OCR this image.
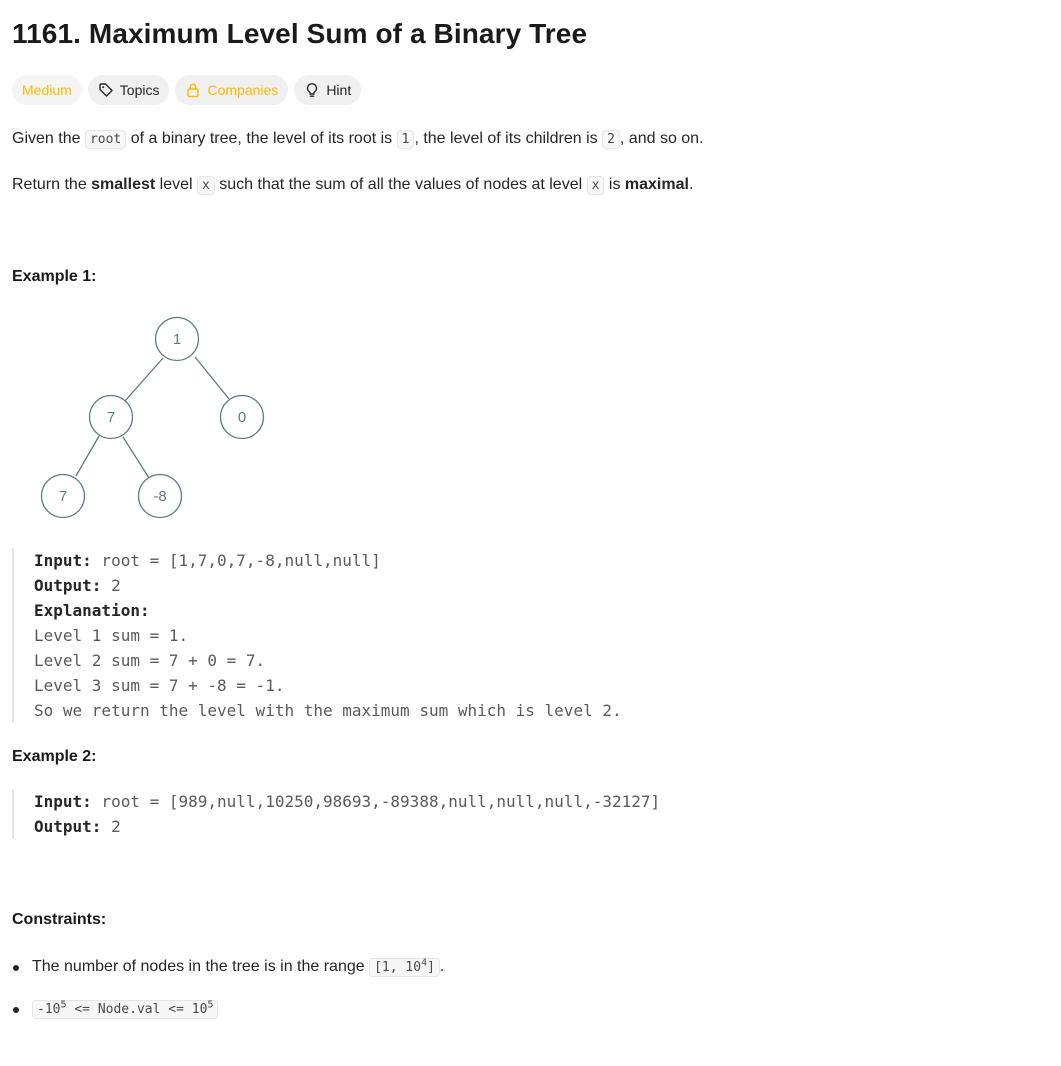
1161. Maximum Level Sum of a Binary Tree
Medium	Topics	Companies	Hint

Given the root of a binary tree, the level of its root is 1 , the level of its children is 2 , and so on.

Return the smallest level x such that the sum of all the values of nodes at level x is maximal.

Example 1:
1
7	0
7	-8
Input: root = [1,7,0,7,-8,null,null]
Output: 2
Explanation:
Level 1 sum = 1.
Level 2 sum = 7 + 0 = 7.
Level 3 sum = 7 + -8 = -1.
So we return the level with the maximum sum which is level 2.
Example 2:
Input: root = [989,null,10250,98693,-89388,null,null,null,-32127]
Output: 2
Constraints:
The number of nodes in the tree is in the range [1, $10^4$] .
$-10^5$ <= Node.val <= $10^5$
